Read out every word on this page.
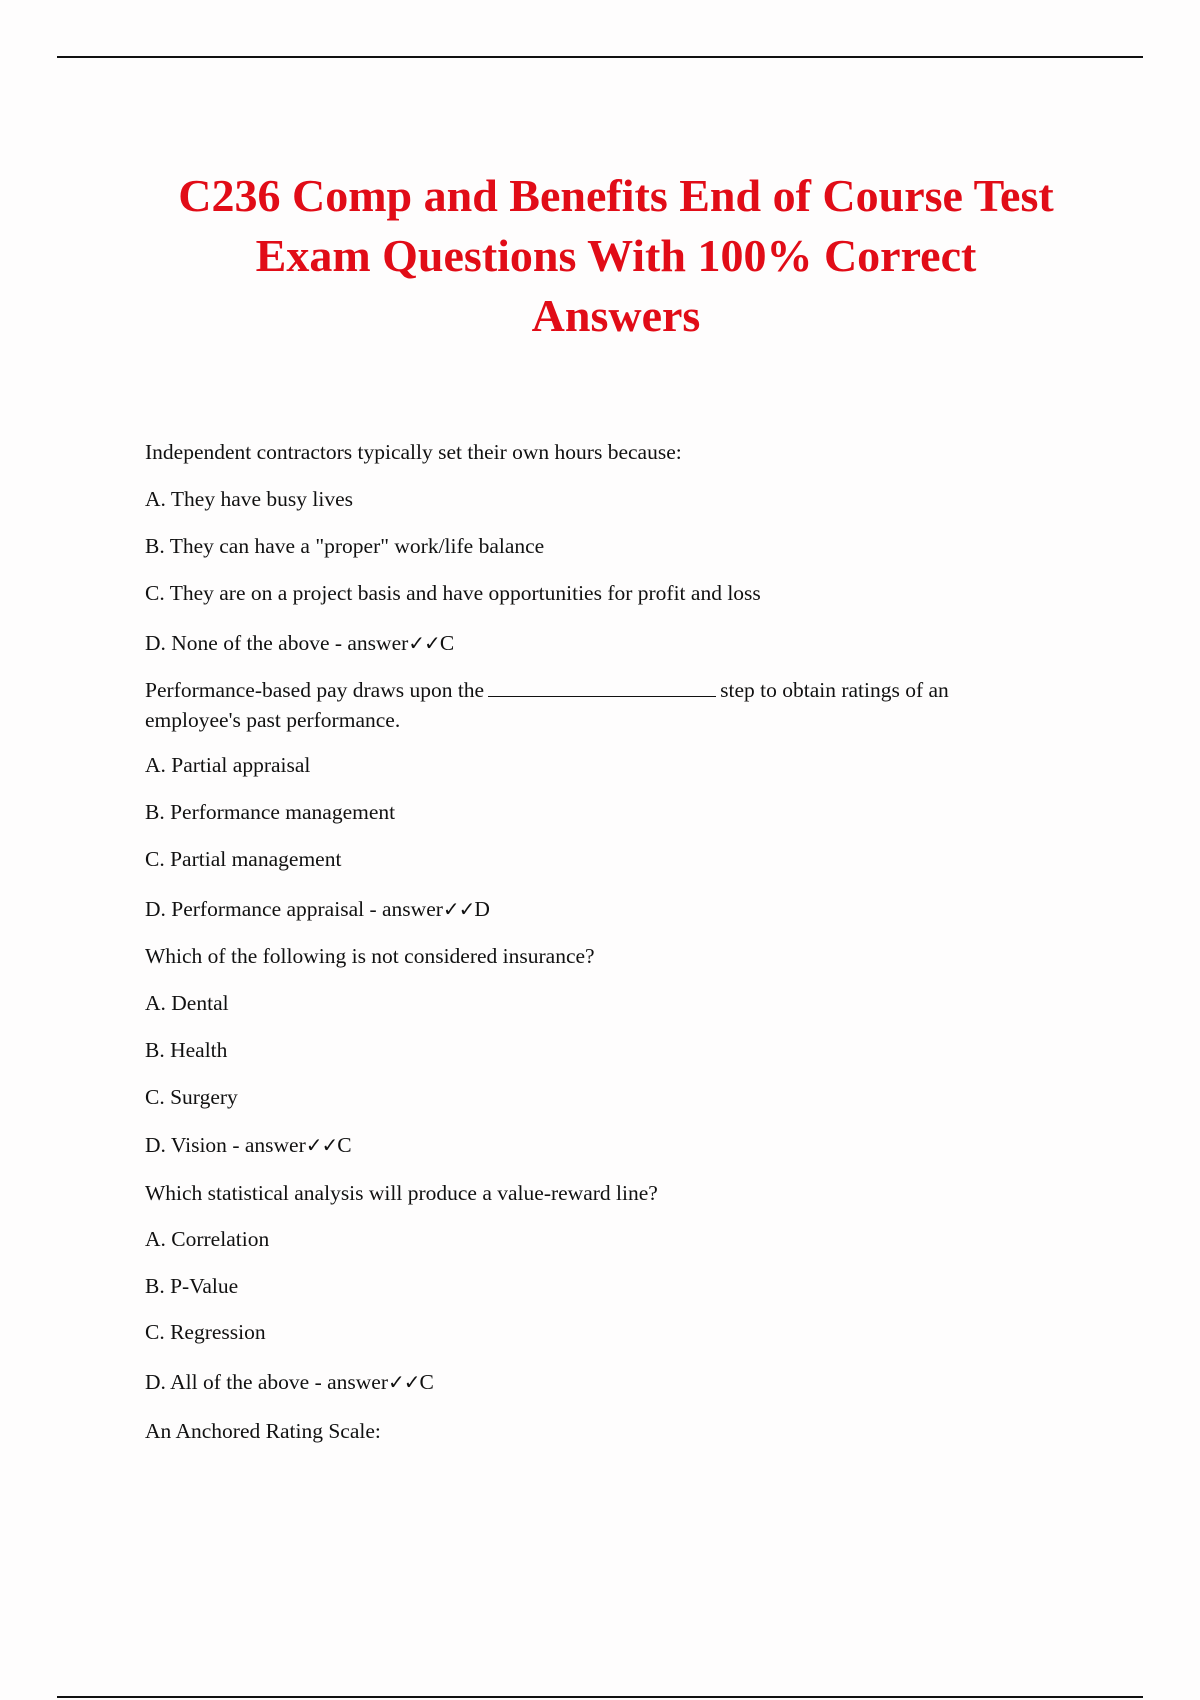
C236 Comp and Benefits End of Course Test
Exam Questions With 100% Correct
Answers
Independent contractors typically set their own hours because:
A. They have busy lives
B. They can have a "proper" work/life balance
C. They are on a project basis and have opportunities for profit and loss
D. None of the above - answer✓✓C
Performance-based pay draws upon the	step to obtain ratings of an
employee's past performance.
A. Partial appraisal
B. Performance management
C. Partial management
D. Performance appraisal - answer✓✓D
Which of the following is not considered insurance?
A. Dental
B. Health
C. Surgery
D. Vision - answer✓✓C
Which statistical analysis will produce a value-reward line?
A. Correlation
B. P-Value
C. Regression
D. All of the above - answer✓✓C
An Anchored Rating Scale:
